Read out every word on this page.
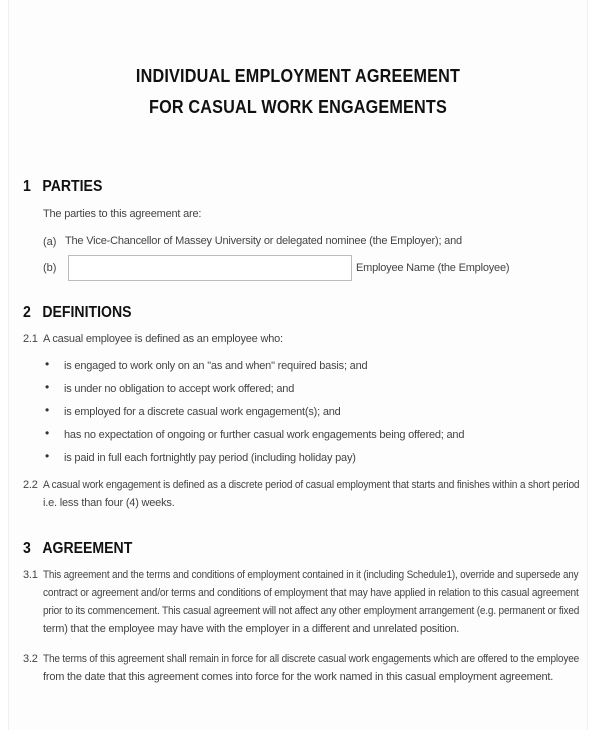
INDIVIDUAL EMPLOYMENT AGREEMENT
FOR CASUAL WORK ENGAGEMENTS
1 PARTIES
The parties to this agreement are:
(a) The Vice-Chancellor of Massey University or delegated nominee (the Employer); and
(b)	Employee Name (the Employee)
2 DEFINITIONS
2.1 A casual employee is defined as an employee who:
• is engaged to work only on an "as and when" required basis; and
• is under no obligation to accept work offered; and
• is employed for a discrete casual work engagement(s); and
• has no expectation of ongoing or further casual work engagements being offered; and
• is paid in full each fortnightly pay period (including holiday pay)
2.2 A casual work engagement is defined as a discrete period of casual employment that starts and finishes within a short period
i.e. less than four (4) weeks.
3 AGREEMENT
3.1 This agreement and the terms and conditions of employment contained in it (including Schedule1), override and supersede any
contract or agreement and/or terms and conditions of employment that may have applied in relation to this casual agreement
prior to its commencement. This casual agreement will not affect any other employment arrangement (e.g. permanent or fixed
term) that the employee may have with the employer in a different and unrelated position.
3.2 The terms of this agreement shall remain in force for all discrete casual work engagements which are offered to the employee
from the date that this agreement comes into force for the work named in this casual employment agreement.
